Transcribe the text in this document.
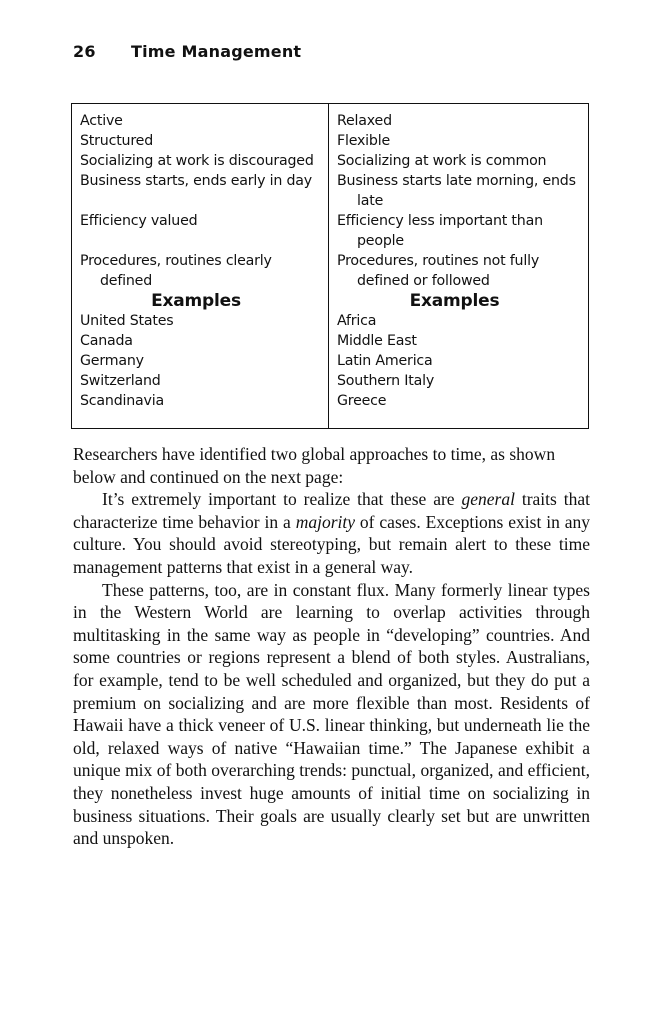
26 Time Management
Active
Structured
Socializing at work is discouraged
Business starts, ends early in day
Efficiency valued
Procedures, routines clearly defined
Examples
United States
Canada
Germany
Switzerland
Scandinavia
Relaxed
Flexible
Socializing at work is common
Business starts late morning, ends late
Efficiency less important than people
Procedures, routines not fully defined or followed
Examples
Africa
Middle East
Latin America
Southern Italy
Greece

Researchers have identified two global approaches to time, as shown below and continued on the next page:

It’s extremely important to realize that these are general traits that characterize time behavior in a majority of cases. Exceptions exist in any culture. You should avoid stereotyping, but remain alert to these time management patterns that exist in a general way.

These patterns, too, are in constant flux. Many formerly linear types in the Western World are learning to overlap activities through multitasking in the same way as people in “developing” countries. And some countries or regions represent a blend of both styles. Australians, for example, tend to be well scheduled and organized, but they do put a premium on socializing and are more flexible than most. Residents of Hawaii have a thick veneer of U.S. linear thinking, but underneath lie the old, relaxed ways of native “Hawaiian time.” The Japanese exhibit a unique mix of both overarching trends: punctual, organized, and efficient, they nonetheless invest huge amounts of initial time on socializing in business situations. Their goals are usually clearly set but are unwritten and unspoken.
